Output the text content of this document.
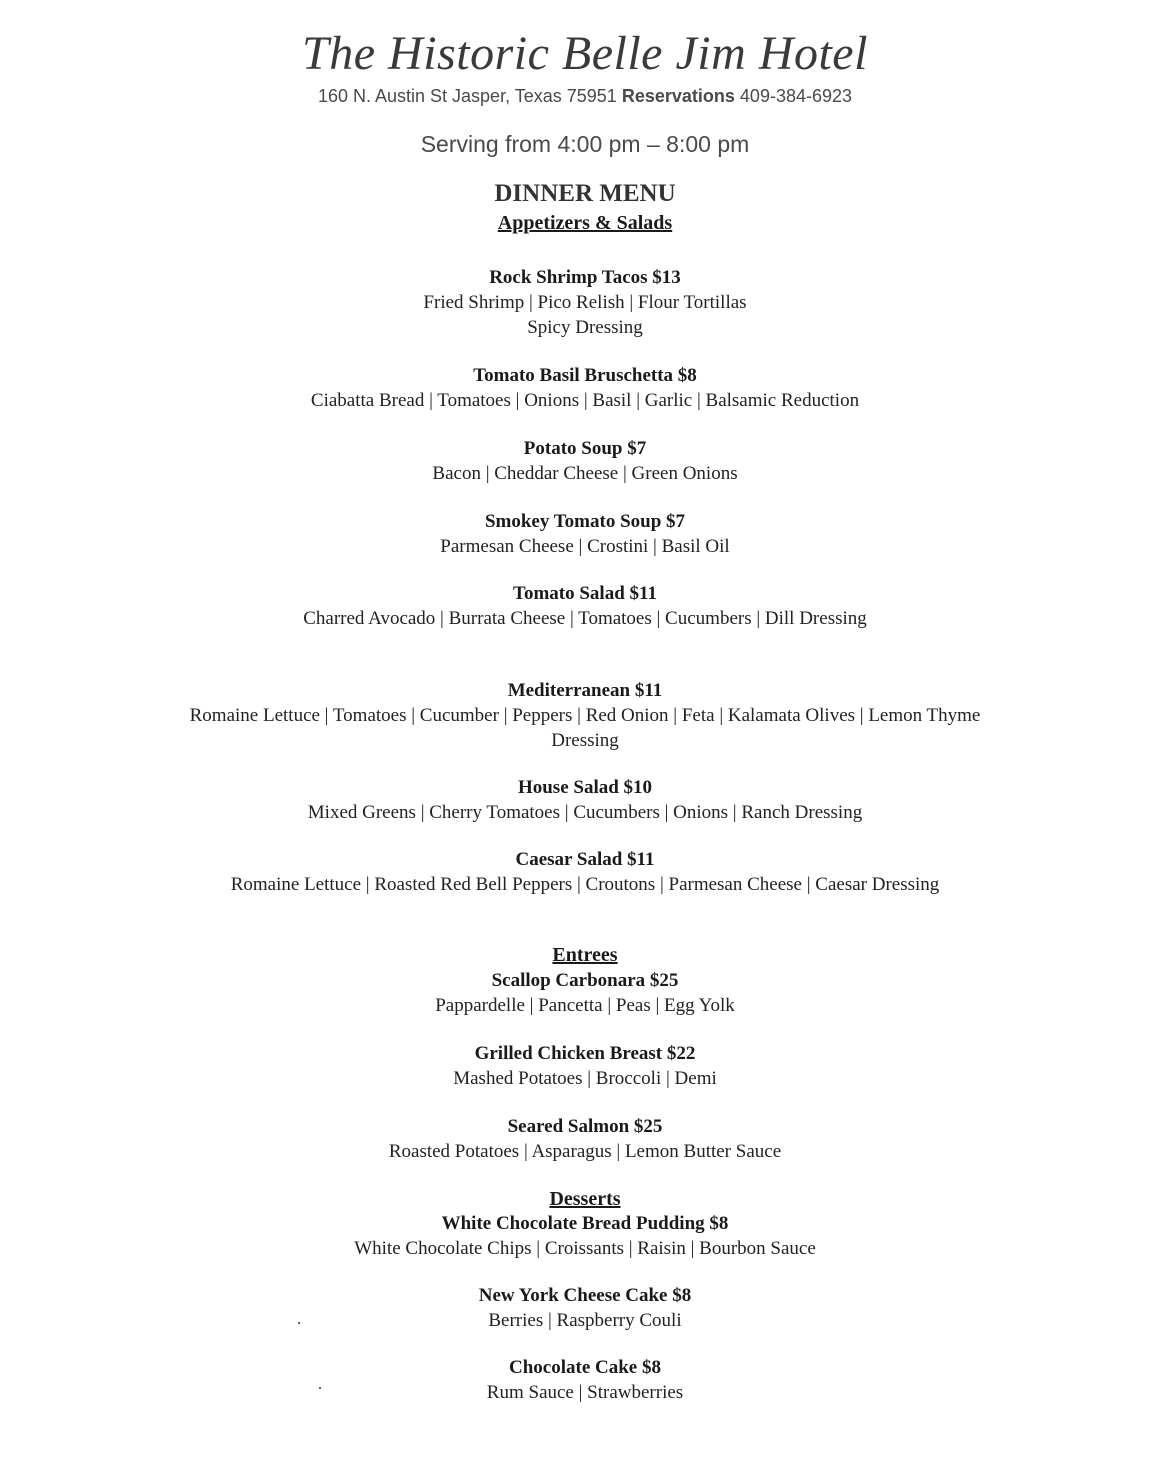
The Historic Belle Jim Hotel
160 N. Austin St Jasper, Texas 75951 Reservations 409-384-6923
Serving from 4:00 pm – 8:00 pm
DINNER MENU
Appetizers & Salads
Rock Shrimp Tacos $13
Fried Shrimp | Pico Relish | Flour Tortillas
Spicy Dressing
Tomato Basil Bruschetta $8
Ciabatta Bread | Tomatoes | Onions | Basil | Garlic | Balsamic Reduction
Potato Soup $7
Bacon | Cheddar Cheese | Green Onions
Smokey Tomato Soup $7
Parmesan Cheese | Crostini | Basil Oil
Tomato Salad $11
Charred Avocado | Burrata Cheese | Tomatoes | Cucumbers | Dill Dressing
Mediterranean $11
Romaine Lettuce | Tomatoes | Cucumber | Peppers | Red Onion | Feta | Kalamata Olives | Lemon Thyme
Dressing
House Salad $10
Mixed Greens | Cherry Tomatoes | Cucumbers | Onions | Ranch Dressing
Caesar Salad $11
Romaine Lettuce | Roasted Red Bell Peppers | Croutons | Parmesan Cheese | Caesar Dressing
Entrees
Scallop Carbonara $25
Pappardelle | Pancetta | Peas | Egg Yolk
Grilled Chicken Breast $22
Mashed Potatoes | Broccoli | Demi
Seared Salmon $25
Roasted Potatoes | Asparagus | Lemon Butter Sauce
Desserts
White Chocolate Bread Pudding $8
White Chocolate Chips | Croissants | Raisin | Bourbon Sauce
New York Cheese Cake $8
Berries | Raspberry Couli
Chocolate Cake $8
Rum Sauce | Strawberries
